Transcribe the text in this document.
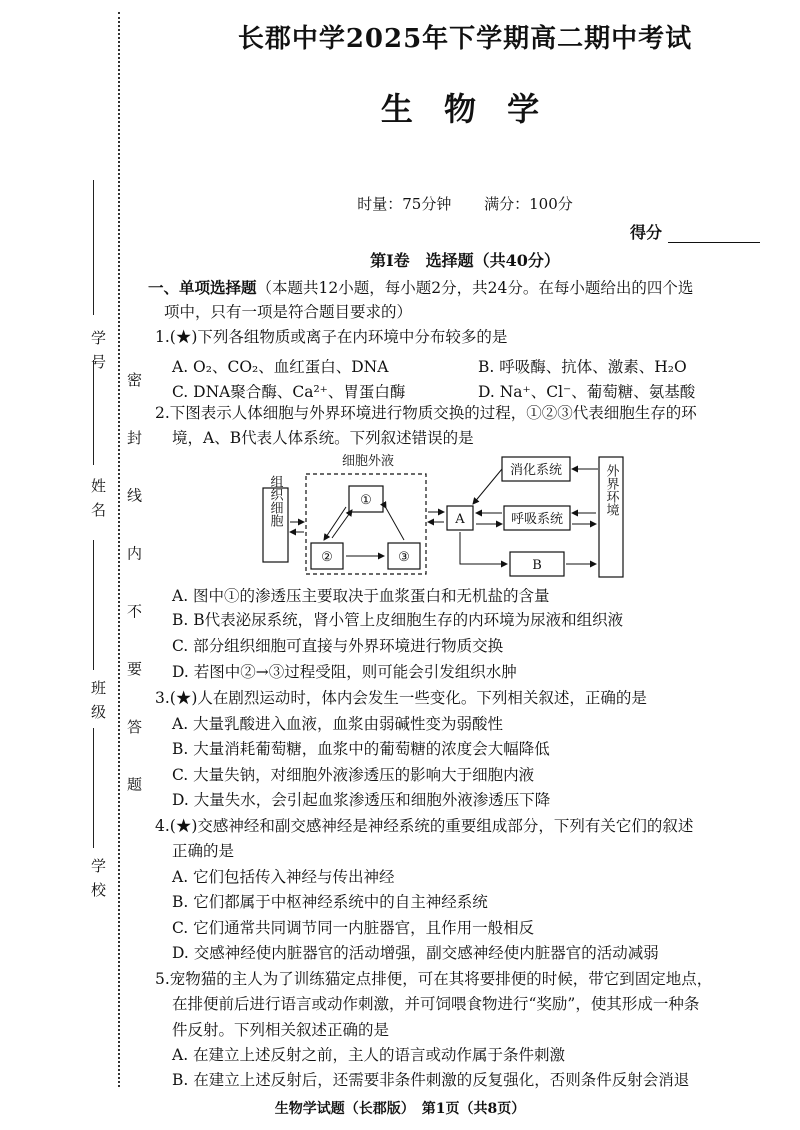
学 号
姓 名
班 级
学 校
密 封 线 内 不 要 答 题
长郡中学2025年下学期高二期中考试
生 物 学
时量：75分钟 满分：100分
得分
第Ⅰ卷　选择题（共40分）
一、单项选择题（本题共12小题，每小题2分，共24分。在每小题给出的四个选
项中，只有一项是符合题目要求的）
1.(★)下列各组物质或离子在内环境中分布较多的是
A. O₂、CO₂、血红蛋白、DNA	B. 呼吸酶、抗体、激素、H₂O
C. DNA聚合酶、Ca²⁺、胃蛋白酶	D. Na⁺、Cl⁻、葡萄糖、氨基酸
2.下图表示人体细胞与外界环境进行物质交换的过程，①②③代表细胞生存的环
境，A、B代表人体系统。下列叙述错误的是
组织细胞
细胞外液
①
②	③
A
消化系统
呼吸系统
B
外界环境
A. 图中①的渗透压主要取决于血浆蛋白和无机盐的含量
B. B代表泌尿系统，肾小管上皮细胞生存的内环境为尿液和组织液
C. 部分组织细胞可直接与外界环境进行物质交换
D. 若图中②→③过程受阻，则可能会引发组织水肿
3.(★)人在剧烈运动时，体内会发生一些变化。下列相关叙述，正确的是
A. 大量乳酸进入血液，血浆由弱碱性变为弱酸性
B. 大量消耗葡萄糖，血浆中的葡萄糖的浓度会大幅降低
C. 大量失钠，对细胞外液渗透压的影响大于细胞内液
D. 大量失水，会引起血浆渗透压和细胞外液渗透压下降
4.(★)交感神经和副交感神经是神经系统的重要组成部分，下列有关它们的叙述
正确的是
A. 它们包括传入神经与传出神经
B. 它们都属于中枢神经系统中的自主神经系统
C. 它们通常共同调节同一内脏器官，且作用一般相反
D. 交感神经使内脏器官的活动增强，副交感神经使内脏器官的活动减弱
5.宠物猫的主人为了训练猫定点排便，可在其将要排便的时候，带它到固定地点，
在排便前后进行语言或动作刺激，并可饲喂食物进行“奖励”，使其形成一种条
件反射。下列相关叙述正确的是
A. 在建立上述反射之前，主人的语言或动作属于条件刺激
B. 在建立上述反射后，还需要非条件刺激的反复强化，否则条件反射会消退
生物学试题（长郡版）　第1页（共8页）
